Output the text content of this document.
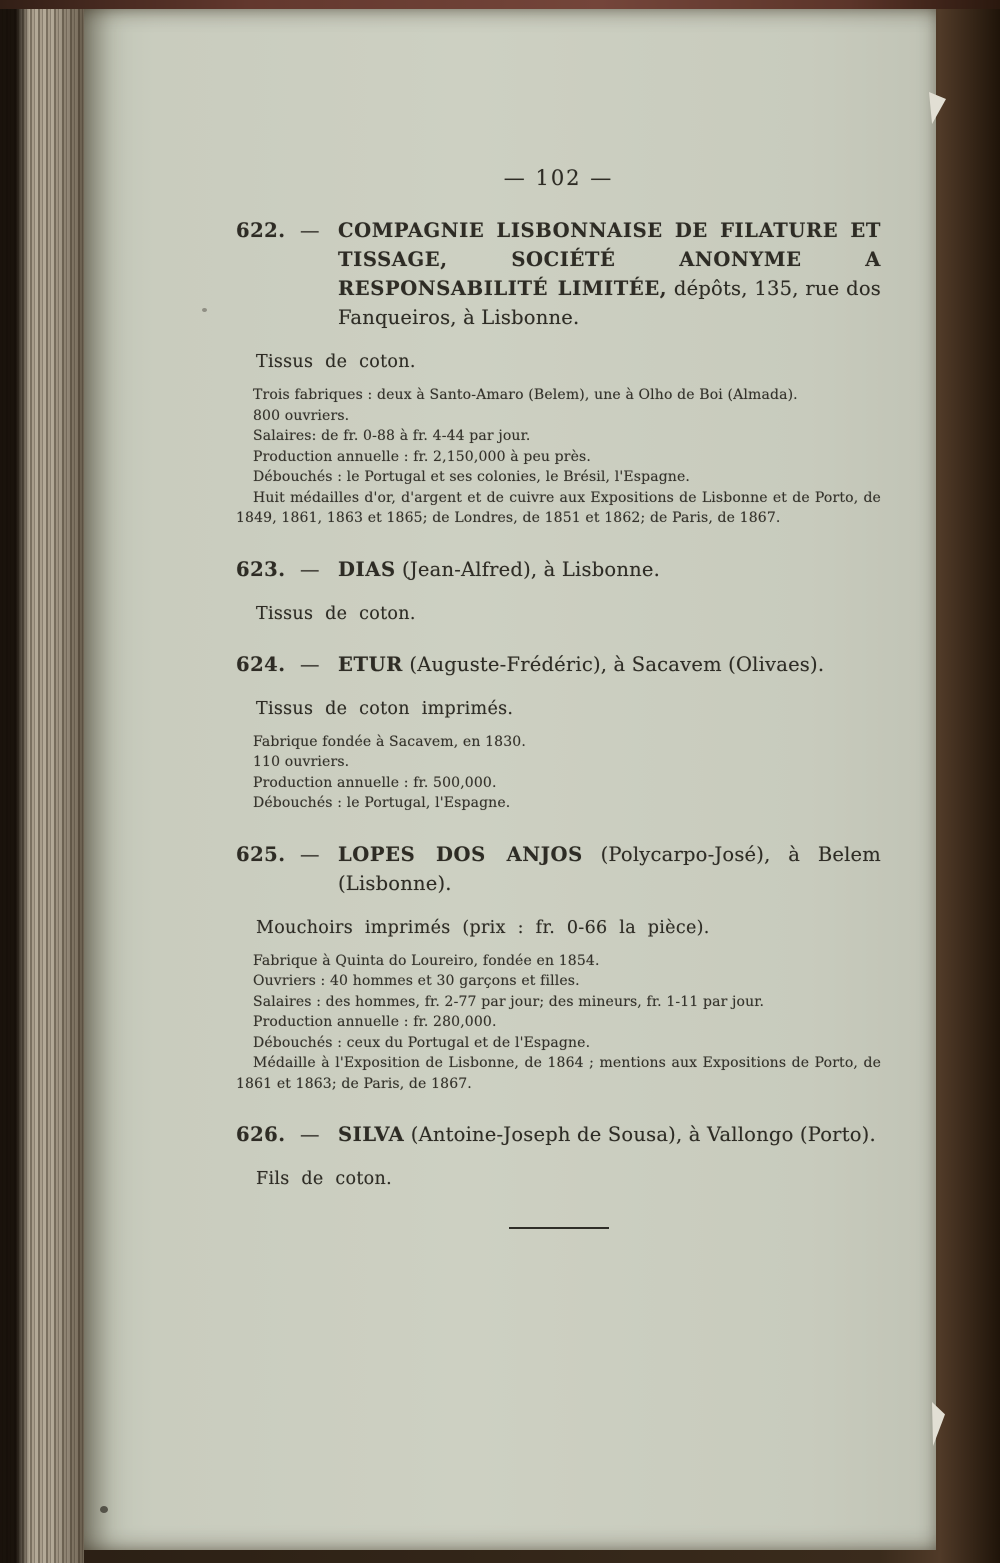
— 102 —

622. — COMPAGNIE LISBONNAISE DE FILATURE ET TISSAGE, SOCIÉTÉ ANONYME A RESPONSABILITÉ LIMITÉE, dépôts, 135, rue dos Fanqueiros, à Lisbonne.

Tissus de coton.

Trois fabriques : deux à Santo-Amaro (Belem), une à Olho de Boi (Almada).

800 ouvriers.

Salaires: de fr. 0-88 à fr. 4-44 par jour.

Production annuelle : fr. 2,150,000 à peu près.

Débouchés : le Portugal et ses colonies, le Brésil, l'Espagne.

Huit médailles d'or, d'argent et de cuivre aux Expositions de Lisbonne et de Porto, de 1849, 1861, 1863 et 1865; de Londres, de 1851 et 1862; de Paris, de 1867.

623. — DIAS (Jean-Alfred), à Lisbonne.

Tissus de coton.

624. — ETUR (Auguste-Frédéric), à Sacavem (Olivaes).

Tissus de coton imprimés.

Fabrique fondée à Sacavem, en 1830.

110 ouvriers.

Production annuelle : fr. 500,000.

Débouchés : le Portugal, l'Espagne.

625. — LOPES DOS ANJOS (Polycarpo-José), à Belem (Lisbonne).

Mouchoirs imprimés (prix : fr. 0-66 la pièce).

Fabrique à Quinta do Loureiro, fondée en 1854.

Ouvriers : 40 hommes et 30 garçons et filles.

Salaires : des hommes, fr. 2-77 par jour; des mineurs, fr. 1-11 par jour.

Production annuelle : fr. 280,000.

Débouchés : ceux du Portugal et de l'Espagne.

Médaille à l'Exposition de Lisbonne, de 1864 ; mentions aux Expositions de Porto, de 1861 et 1863; de Paris, de 1867.

626. — SILVA (Antoine-Joseph de Sousa), à Vallongo (Porto).

Fils de coton.
